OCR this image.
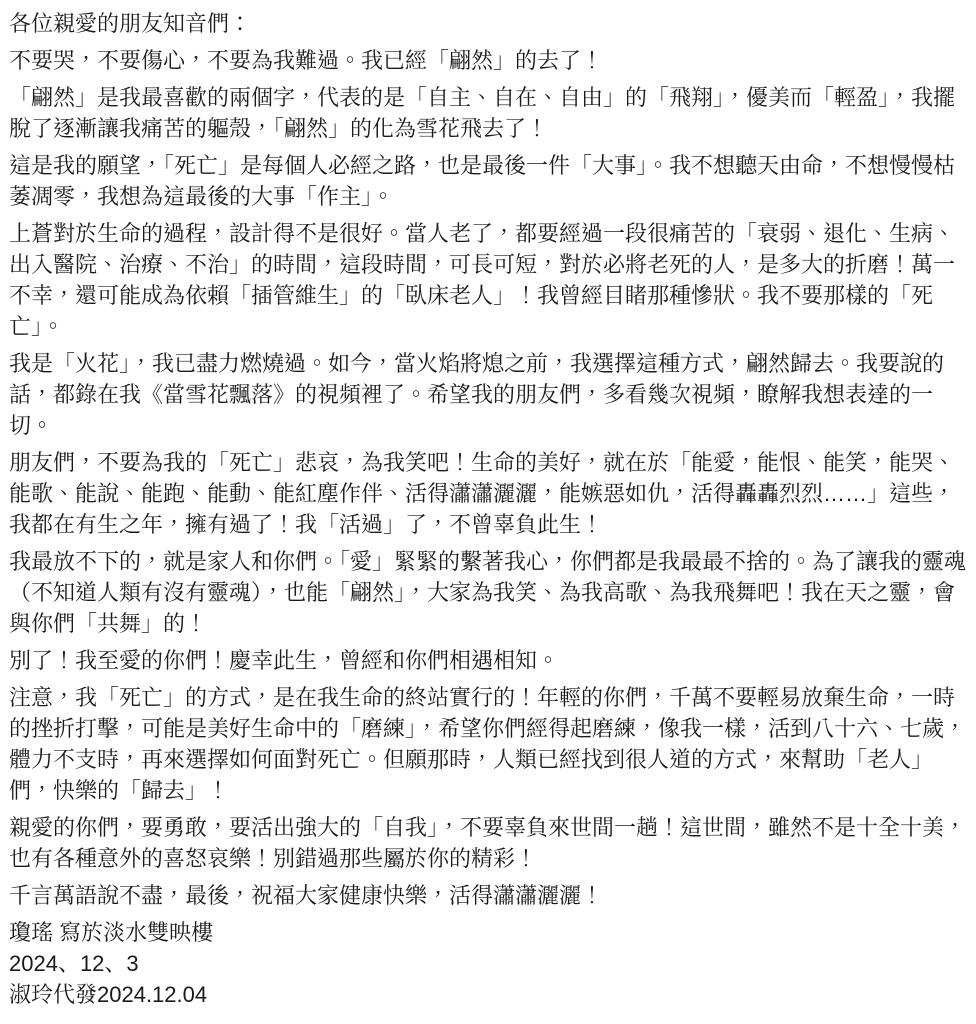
各位親愛的朋友知音們：

不要哭，不要傷心，不要為我難過。我已經「翩然」的去了！

「翩然」是我最喜歡的兩個字，代表的是「自主、自在、自由」的「飛翔」，優美而「輕盈」，我擺脫了逐漸讓我痛苦的軀殼，「翩然」的化為雪花飛去了！

這是我的願望，「死亡」是每個人必經之路，也是最後一件「大事」。我不想聽天由命，不想慢慢枯萎凋零，我想為這最後的大事「作主」。

上蒼對於生命的過程，設計得不是很好。當人老了，都要經過一段很痛苦的「衰弱、退化、生病、出入醫院、治療、不治」的時間，這段時間，可長可短，對於必將老死的人，是多大的折磨！萬一不幸，還可能成為依賴「插管維生」的「臥床老人」！我曾經目睹那種慘狀。我不要那樣的「死亡」。

我是「火花」，我已盡力燃燒過。如今，當火焰將熄之前，我選擇這種方式，翩然歸去。我要說的話，都錄在我《當雪花飄落》的視頻裡了。希望我的朋友們，多看幾次視頻，瞭解我想表達的一切。

朋友們，不要為我的「死亡」悲哀，為我笑吧！生命的美好，就在於「能愛，能恨、能笑，能哭、能歌、能說、能跑、能動、能紅塵作伴、活得瀟瀟灑灑，能嫉惡如仇，活得轟轟烈烈……」這些，我都在有生之年，擁有過了！我「活過」了，不曾辜負此生！

我最放不下的，就是家人和你們。「愛」緊緊的繫著我心，你們都是我最最不捨的。為了讓我的靈魂（不知道人類有沒有靈魂），也能「翩然」，大家為我笑、為我高歌、為我飛舞吧！我在天之靈，會與你們「共舞」的！

別了！我至愛的你們！慶幸此生，曾經和你們相遇相知。

注意，我「死亡」的方式，是在我生命的終站實行的！年輕的你們，千萬不要輕易放棄生命，一時的挫折打擊，可能是美好生命中的「磨練」，希望你們經得起磨練，像我一樣，活到八十六、七歲，體力不支時，再來選擇如何面對死亡。但願那時，人類已經找到很人道的方式，來幫助「老人」們，快樂的「歸去」！

親愛的你們，要勇敢，要活出強大的「自我」，不要辜負來世間一趟！這世間，雖然不是十全十美，也有各種意外的喜怒哀樂！別錯過那些屬於你的精彩！

千言萬語說不盡，最後，祝福大家健康快樂，活得瀟瀟灑灑！

瓊瑤 寫於淡水雙映樓

2024、12、3

淑玲代發2024.12.04
